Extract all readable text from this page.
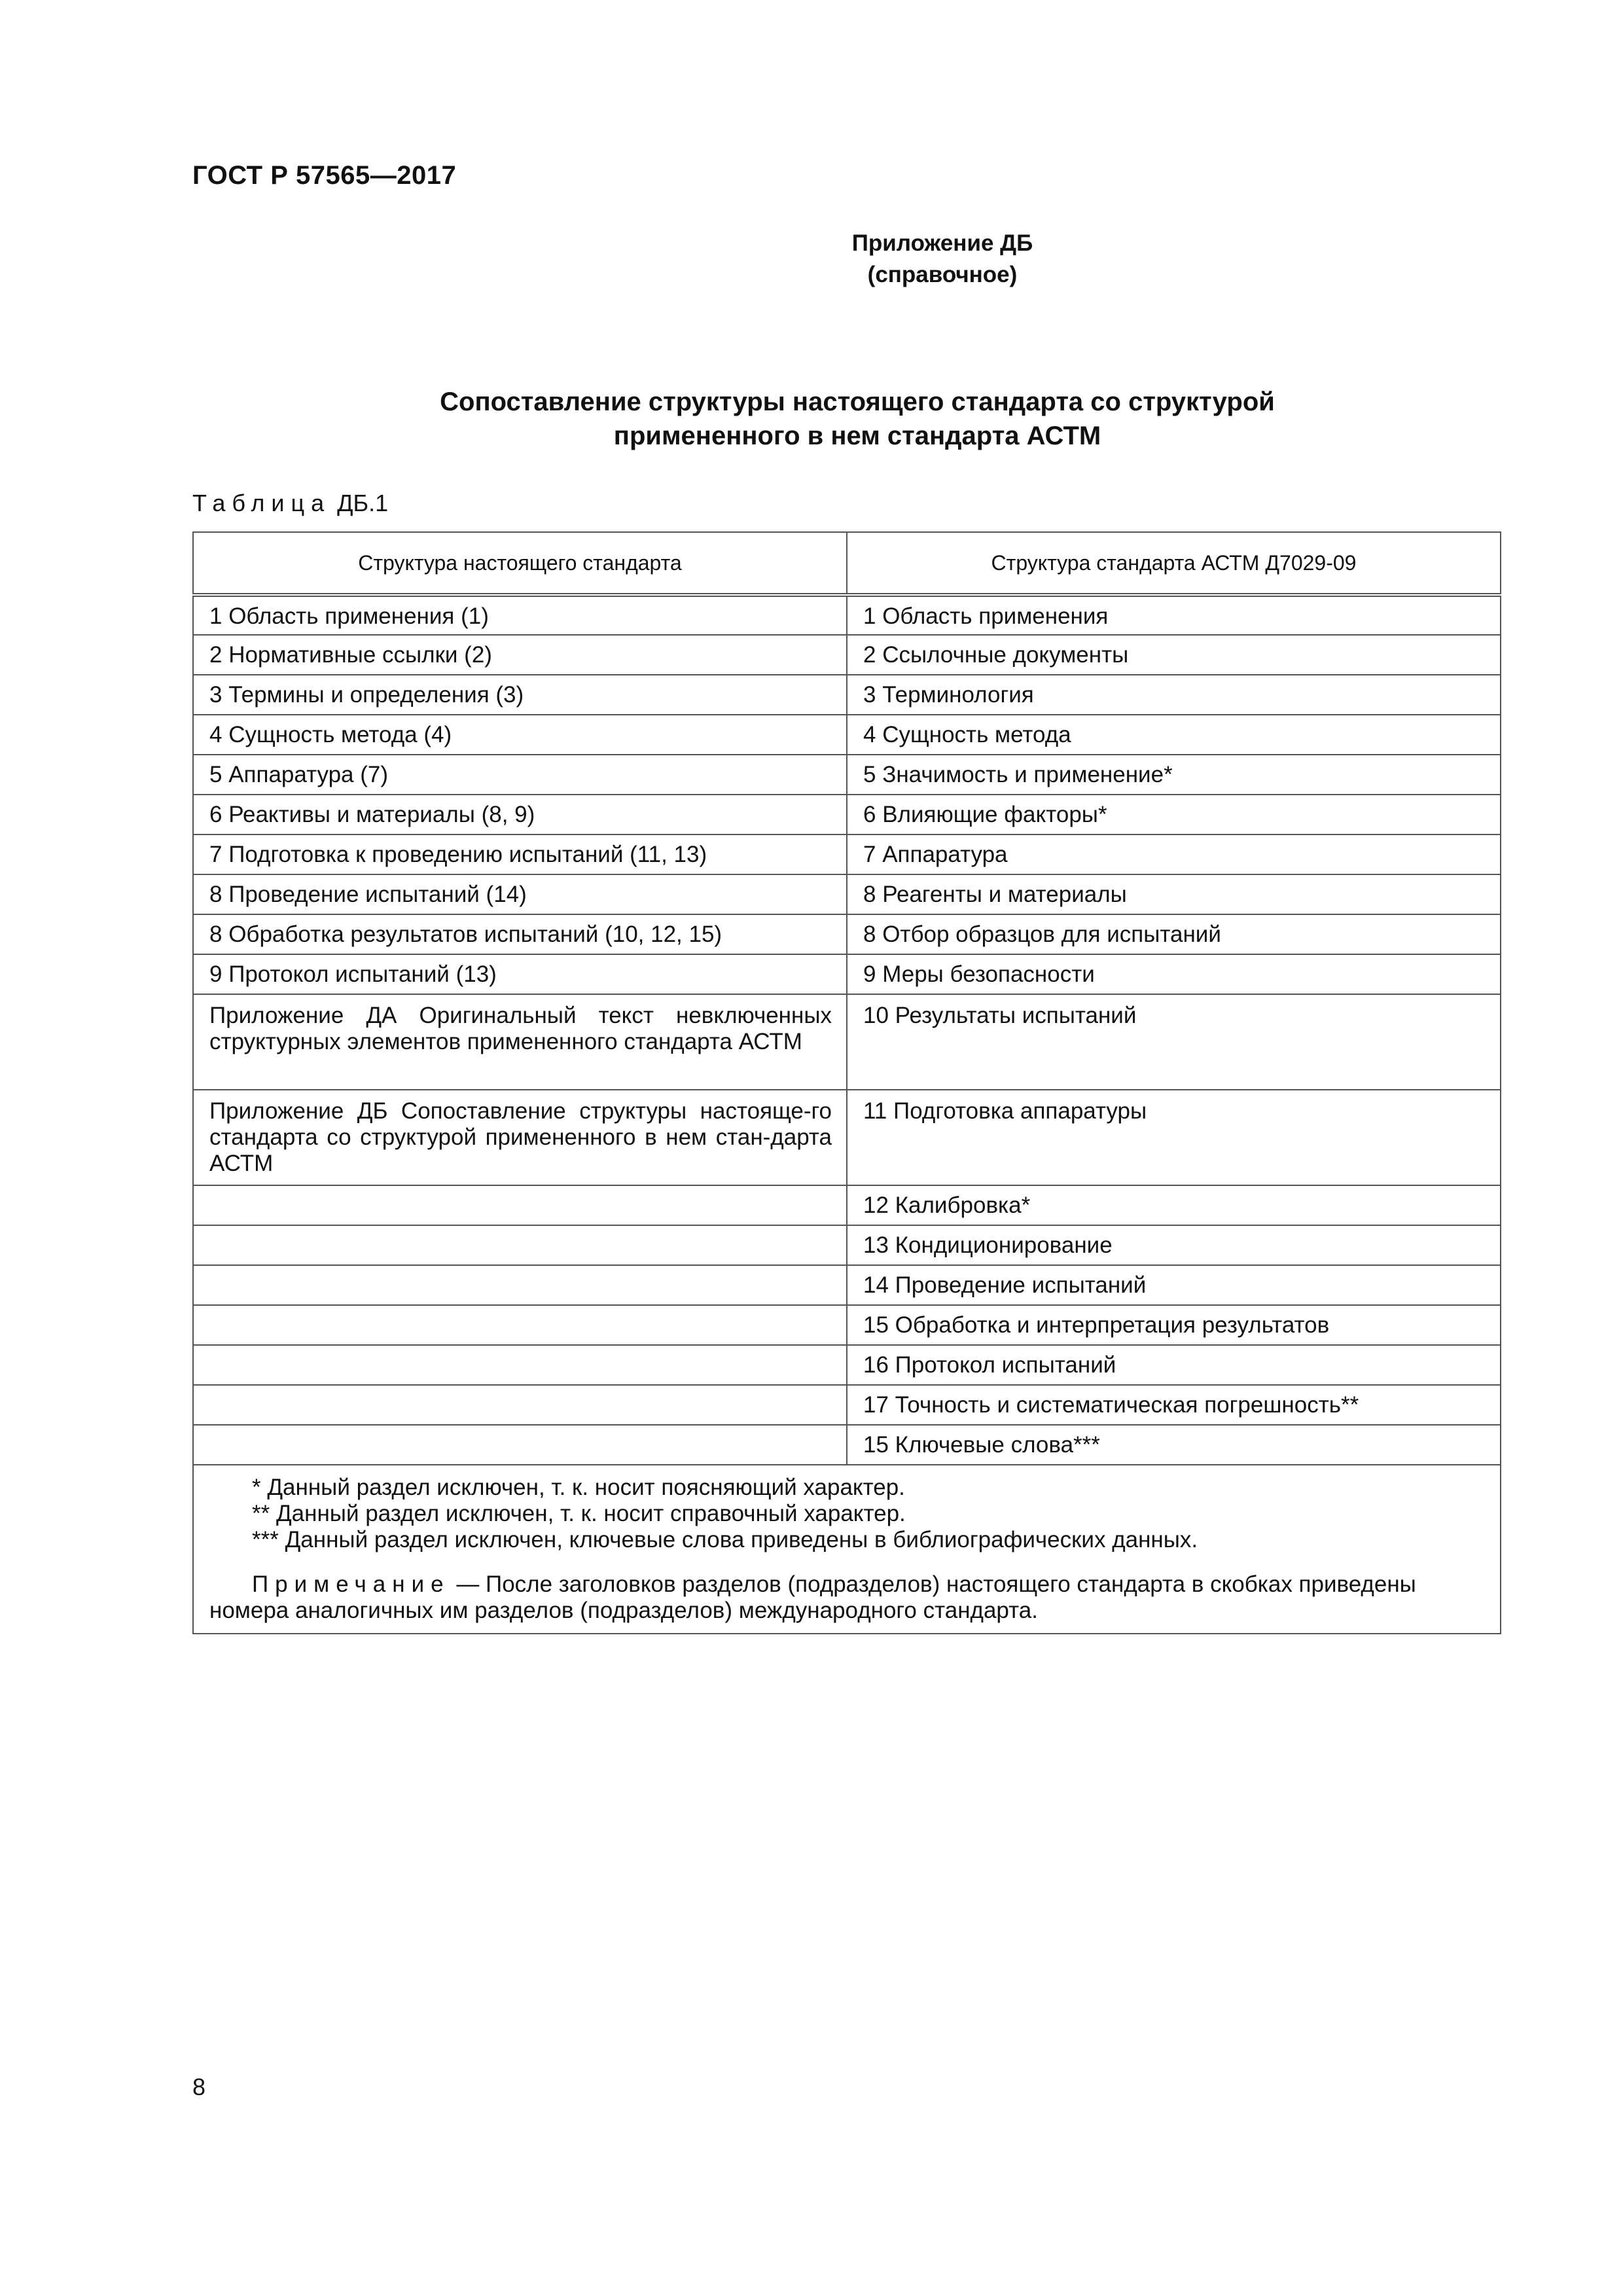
ГОСТ Р 57565—2017
Приложение ДБ
(справочное)
Сопоставление структуры настоящего стандарта со структурой
примененного в нем стандарта АСТМ
Таблица ДБ.1
Структура настоящего стандарта	Структура стандарта АСТМ Д7029-09
1 Область применения (1)	1 Область применения
2 Нормативные ссылки (2)	2 Ссылочные документы
3 Термины и определения (3)	3 Терминология
4 Сущность метода (4)	4 Сущность метода
5 Аппаратура (7)	5 Значимость и применение*
6 Реактивы и материалы (8, 9)	6 Влияющие факторы*
7 Подготовка к проведению испытаний (11, 13)	7 Аппаратура
8 Проведение испытаний (14)	8 Реагенты и материалы
8 Обработка результатов испытаний (10, 12, 15)	8 Отбор образцов для испытаний
9 Протокол испытаний (13)	9 Меры безопасности
Приложение ДА Оригинальный текст невключенных структурных элементов примененного стандарта АСТМ	10 Результаты испытаний
Приложение ДБ Сопоставление структуры настояще-го стандарта со структурой примененного в нем стан-дарта АСТМ	11 Подготовка аппаратуры
	12 Калибровка*
	13 Кондиционирование
	14 Проведение испытаний
	15 Обработка и интерпретация результатов
	16 Протокол испытаний
	17 Точность и систематическая погрешность**
	15 Ключевые слова***

* Данный раздел исключен, т. к. носит поясняющий характер.
** Данный раздел исключен, т. к. носит справочный характер.
*** Данный раздел исключен, ключевые слова приведены в библиографических данных.
Примечание — После заголовков разделов (подразделов) настоящего стандарта в скобках приведены номера аналогичных им разделов (подразделов) международного стандарта.	
8
